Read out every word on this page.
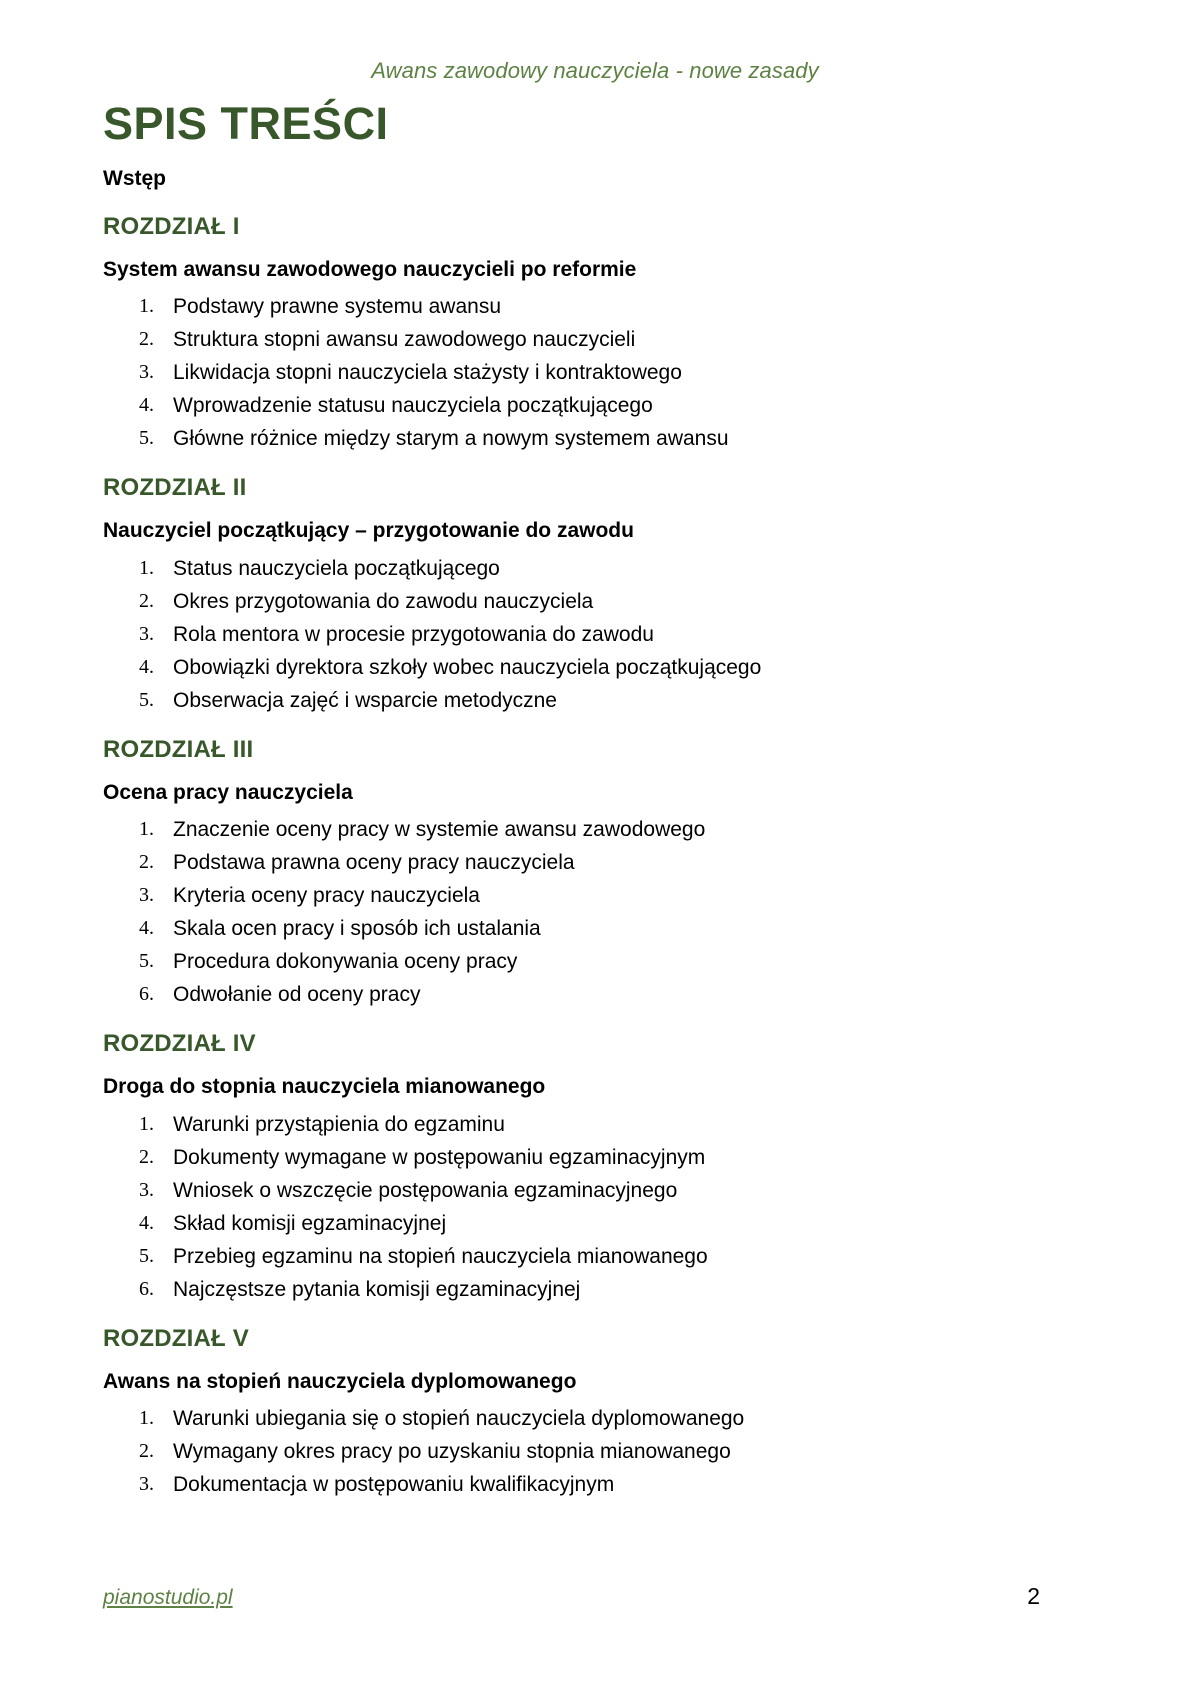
Awans zawodowy nauczyciela - nowe zasady
SPIS TREŚCI
Wstęp
ROZDZIAŁ I
System awansu zawodowego nauczycieli po reformie
1. Podstawy prawne systemu awansu
2. Struktura stopni awansu zawodowego nauczycieli
3. Likwidacja stopni nauczyciela stażysty i kontraktowego
4. Wprowadzenie statusu nauczyciela początkującego
5. Główne różnice między starym a nowym systemem awansu
ROZDZIAŁ II
Nauczyciel początkujący – przygotowanie do zawodu
1. Status nauczyciela początkującego
2. Okres przygotowania do zawodu nauczyciela
3. Rola mentora w procesie przygotowania do zawodu
4. Obowiązki dyrektora szkoły wobec nauczyciela początkującego
5. Obserwacja zajęć i wsparcie metodyczne
ROZDZIAŁ III
Ocena pracy nauczyciela
1. Znaczenie oceny pracy w systemie awansu zawodowego
2. Podstawa prawna oceny pracy nauczyciela
3. Kryteria oceny pracy nauczyciela
4. Skala ocen pracy i sposób ich ustalania
5. Procedura dokonywania oceny pracy
6. Odwołanie od oceny pracy
ROZDZIAŁ IV
Droga do stopnia nauczyciela mianowanego
1. Warunki przystąpienia do egzaminu
2. Dokumenty wymagane w postępowaniu egzaminacyjnym
3. Wniosek o wszczęcie postępowania egzaminacyjnego
4. Skład komisji egzaminacyjnej
5. Przebieg egzaminu na stopień nauczyciela mianowanego
6. Najczęstsze pytania komisji egzaminacyjnej
ROZDZIAŁ V
Awans na stopień nauczyciela dyplomowanego
1. Warunki ubiegania się o stopień nauczyciela dyplomowanego
2. Wymagany okres pracy po uzyskaniu stopnia mianowanego
3. Dokumentacja w postępowaniu kwalifikacyjnym
pianostudio.pl	2
